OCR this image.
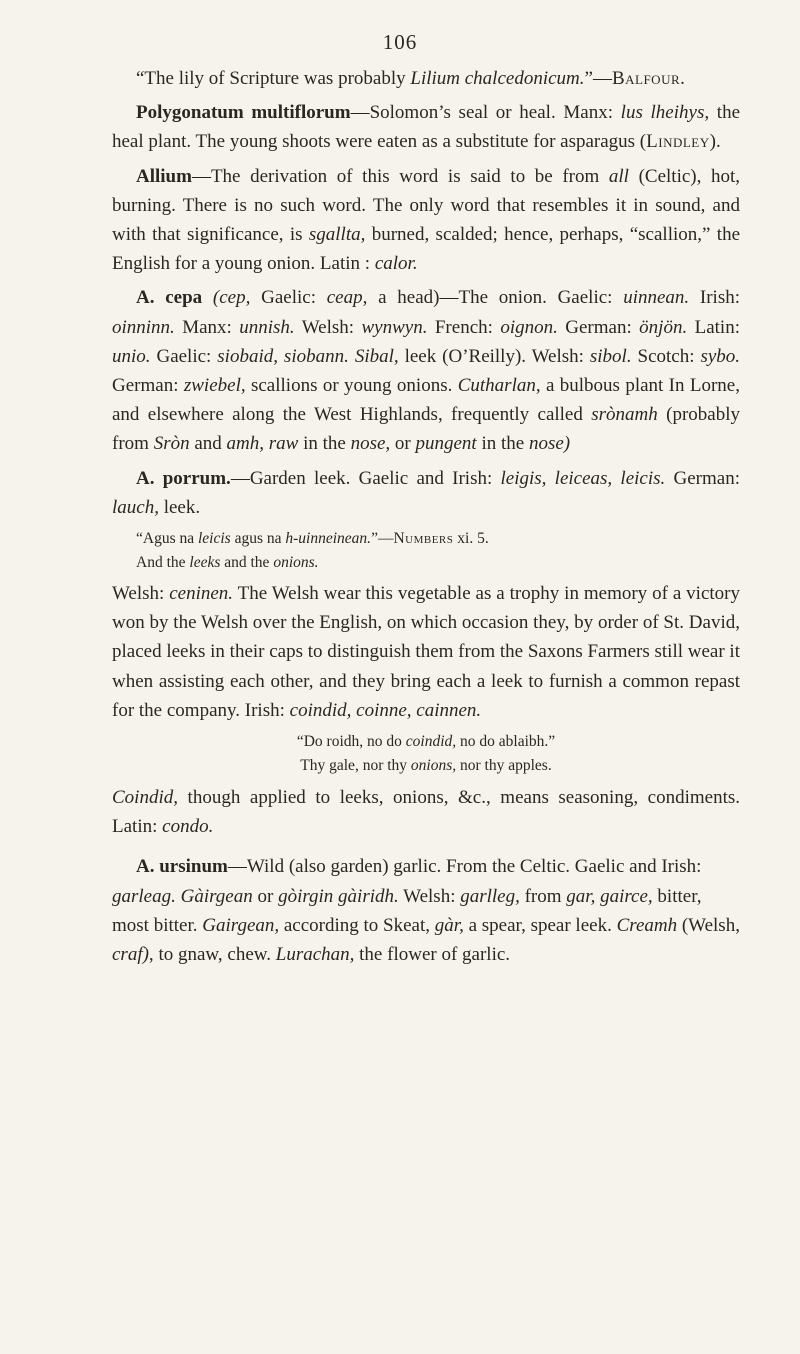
106

“The lily of Scripture was probably Lilium chalcedonicum.”—Balfour.

Polygonatum multiflorum—Solomon’s seal or heal. Manx: lus lheihys, the heal plant. The young shoots were eaten as a substitute for asparagus (Lindley).

Allium—The derivation of this word is said to be from all (Celtic), hot, burning. There is no such word. The only word that resembles it in sound, and with that significance, is sgallta, burned, scalded; hence, perhaps, “scallion,” the English for a young onion. Latin : calor.

A. cepa (cep, Gaelic: ceap, a head)—The onion. Gaelic: uinnean. Irish: oinninn. Manx: unnish. Welsh: wynwyn. French: oignon. German: önjön. Latin: unio. Gaelic: siobaid, siobann. Sibal, leek (O’Reilly). Welsh: sibol. Scotch: sybo. German: zwiebel, scallions or young onions. Cutharlan, a bulbous plant In Lorne, and elsewhere along the West Highlands, frequently called srònamh (probably from Sròn and amh, raw in the nose, or pungent in the nose)

A. porrum.—Garden leek. Gaelic and Irish: leigis, leiceas, leicis. German: lauch, leek.

“Agus na leicis agus na h-uinneinean.”—Numbers xi. 5.
And the leeks and the onions.

Welsh: ceninen. The Welsh wear this vegetable as a trophy in memory of a victory won by the Welsh over the English, on which occasion they, by order of St. David, placed leeks in their caps to distinguish them from the Saxons Farmers still wear it when assisting each other, and they bring each a leek to furnish a common repast for the company. Irish: coindid, coinne, cainnen.

“Do roidh, no do coindid, no do ablaibh.”

Thy gale, nor thy onions, nor thy apples.

Coindid, though applied to leeks, onions, &c., means seasoning, condiments. Latin: condo.

A. ursinum—Wild (also garden) garlic. From the Celtic. Gaelic and Irish: garleag. Gàirgean or gòirgin gàiridh. Welsh: garlleg, from gar, gairce, bitter, most bitter. Gairgean, according to Skeat, gàr, a spear, spear leek. Creamh (Welsh, craf), to gnaw, chew. Lurachan, the flower of garlic.
